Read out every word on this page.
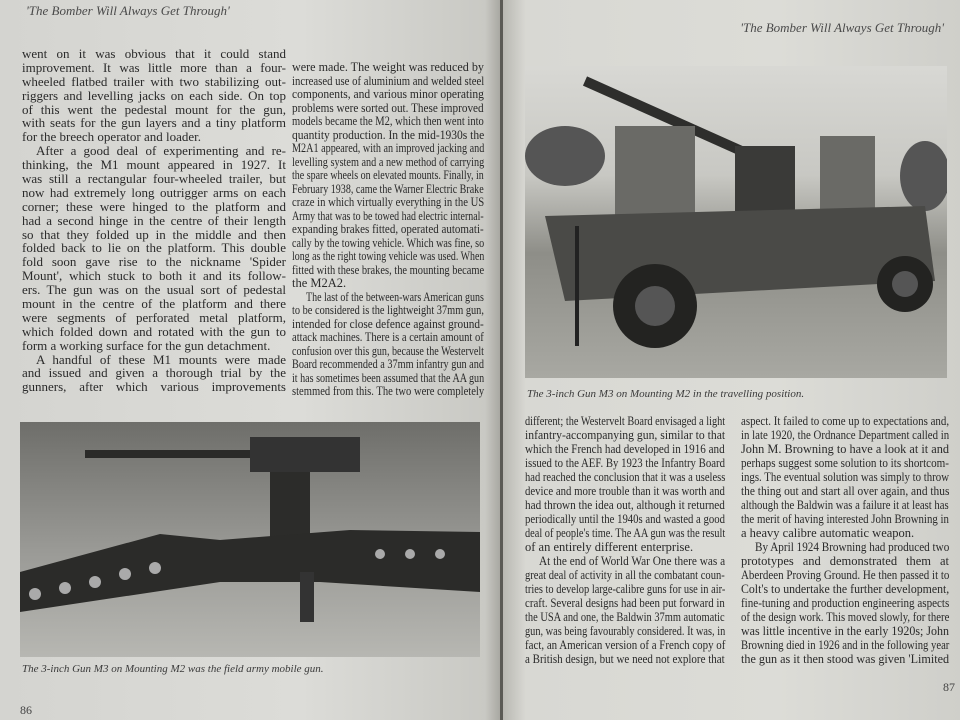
'The Bomber Will Always Get Through'
went on it was obvious that it could stand
improvement. It was little more than a four-
wheeled flatbed trailer with two stabilizing out-
riggers and levelling jacks on each side. On top
of this went the pedestal mount for the gun,
with seats for the gun layers and a tiny platform
for the breech operator and loader.
After a good deal of experimenting and re-
thinking, the M1 mount appeared in 1927. It
was still a rectangular four-wheeled trailer, but
now had extremely long outrigger arms on each
corner; these were hinged to the platform and
had a second hinge in the centre of their length
so that they folded up in the middle and then
folded back to lie on the platform. This double
fold soon gave rise to the nickname 'Spider
Mount', which stuck to both it and its follow-
ers. The gun was on the usual sort of pedestal
mount in the centre of the platform and there
were segments of perforated metal platform,
which folded down and rotated with the gun to
form a working surface for the gun detachment.
A handful of these M1 mounts were made
and issued and given a thorough trial by the
gunners, after which various improvements
were made. The weight was reduced by
increased use of aluminium and welded steel
components, and various minor operating
problems were sorted out. These improved
models became the M2, which then went into
quantity production. In the mid-1930s the
M2A1 appeared, with an improved jacking and
levelling system and a new method of carrying
the spare wheels on elevated mounts. Finally, in
February 1938, came the Warner Electric Brake
craze in which virtually everything in the US
Army that was to be towed had electric internal-
expanding brakes fitted, operated automati-
cally by the towing vehicle. Which was fine, so
long as the right towing vehicle was used. When
fitted with these brakes, the mounting became
the M2A2.
The last of the between-wars American guns
to be considered is the lightweight 37mm gun,
intended for close defence against ground-
attack machines. There is a certain amount of
confusion over this gun, because the Westervelt
Board recommended a 37mm infantry gun and
it has sometimes been assumed that the AA gun
stemmed from this. The two were completely
The 3-inch Gun M3 on Mounting M2 was the field army mobile gun.
86
'The Bomber Will Always Get Through'
The 3-inch Gun M3 on Mounting M2 in the travelling position.
different; the Westervelt Board envisaged a light
infantry-accompanying gun, similar to that
which the French had developed in 1916 and
issued to the AEF. By 1923 the Infantry Board
had reached the conclusion that it was a useless
device and more trouble than it was worth and
had thrown the idea out, although it returned
periodically until the 1940s and wasted a good
deal of people's time. The AA gun was the result
of an entirely different enterprise.
At the end of World War One there was a
great deal of activity in all the combatant coun-
tries to develop large-calibre guns for use in air-
craft. Several designs had been put forward in
the USA and one, the Baldwin 37mm automatic
gun, was being favourably considered. It was, in
fact, an American version of a French copy of
a British design, but we need not explore that
aspect. It failed to come up to expectations and,
in late 1920, the Ordnance Department called in
John M. Browning to have a look at it and
perhaps suggest some solution to its shortcom-
ings. The eventual solution was simply to throw
the thing out and start all over again, and thus
although the Baldwin was a failure it at least has
the merit of having interested John Browning in
a heavy calibre automatic weapon.
By April 1924 Browning had produced two
prototypes and demonstrated them at
Aberdeen Proving Ground. He then passed it to
Colt's to undertake the further development,
fine-tuning and production engineering aspects
of the design work. This moved slowly, for there
was little incentive in the early 1920s; John
Browning died in 1926 and in the following year
the gun as it then stood was given 'Limited
87
